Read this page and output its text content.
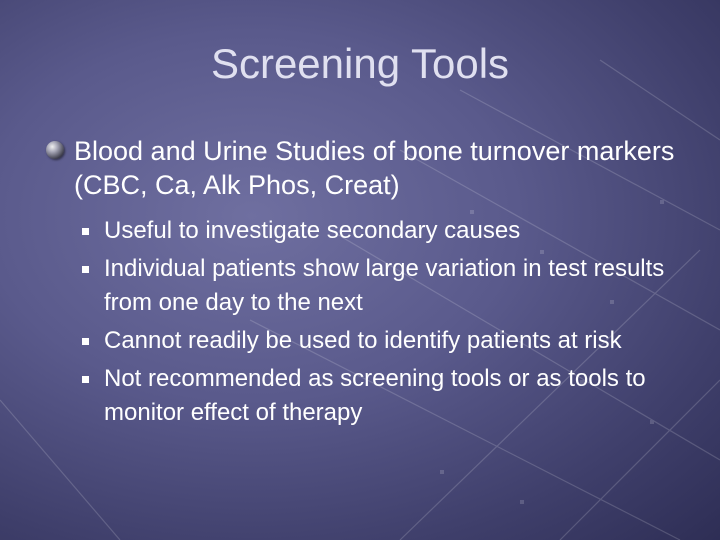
Screening Tools
Blood and Urine Studies of bone turnover markers (CBC, Ca, Alk Phos, Creat)
Useful to investigate secondary causes
Individual patients show large variation in test results from one day to the next
Cannot readily be used to identify patients at risk
Not recommended as screening tools or as tools to monitor effect of therapy
